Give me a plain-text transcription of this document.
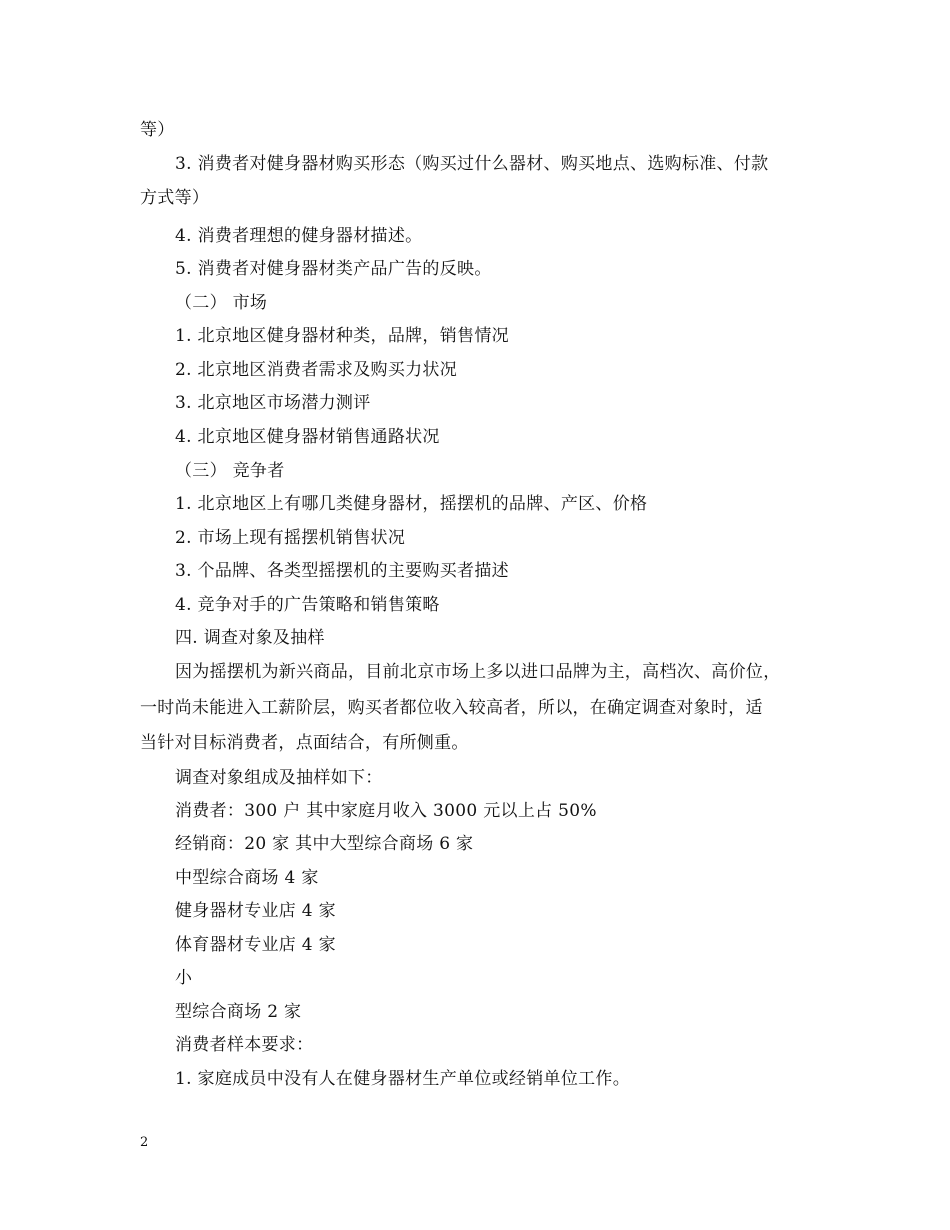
等）
3. 消费者对健身器材购买形态（购买过什么器材、购买地点、选购标准、付款
方式等）
4. 消费者理想的健身器材描述。
5. 消费者对健身器材类产品广告的反映。
（二） 市场
1. 北京地区健身器材种类，品牌，销售情况
2. 北京地区消费者需求及购买力状况
3. 北京地区市场潜力测评
4. 北京地区健身器材销售通路状况
（三） 竞争者
1. 北京地区上有哪几类健身器材，摇摆机的品牌、产区、价格
2. 市场上现有摇摆机销售状况
3. 个品牌、各类型摇摆机的主要购买者描述
4. 竞争对手的广告策略和销售策略
四. 调查对象及抽样
因为摇摆机为新兴商品，目前北京市场上多以进口品牌为主，高档次、高价位，
一时尚未能进入工薪阶层，购买者都位收入较高者，所以，在确定调查对象时，适
当针对目标消费者，点面结合，有所侧重。
调查对象组成及抽样如下：
消费者：300 户 其中家庭月收入 3000 元以上占 50%
经销商：20 家 其中大型综合商场 6 家
中型综合商场 4 家
健身器材专业店 4 家
体育器材专业店 4 家
小
型综合商场 2 家
消费者样本要求：
1. 家庭成员中没有人在健身器材生产单位或经销单位工作。
2
